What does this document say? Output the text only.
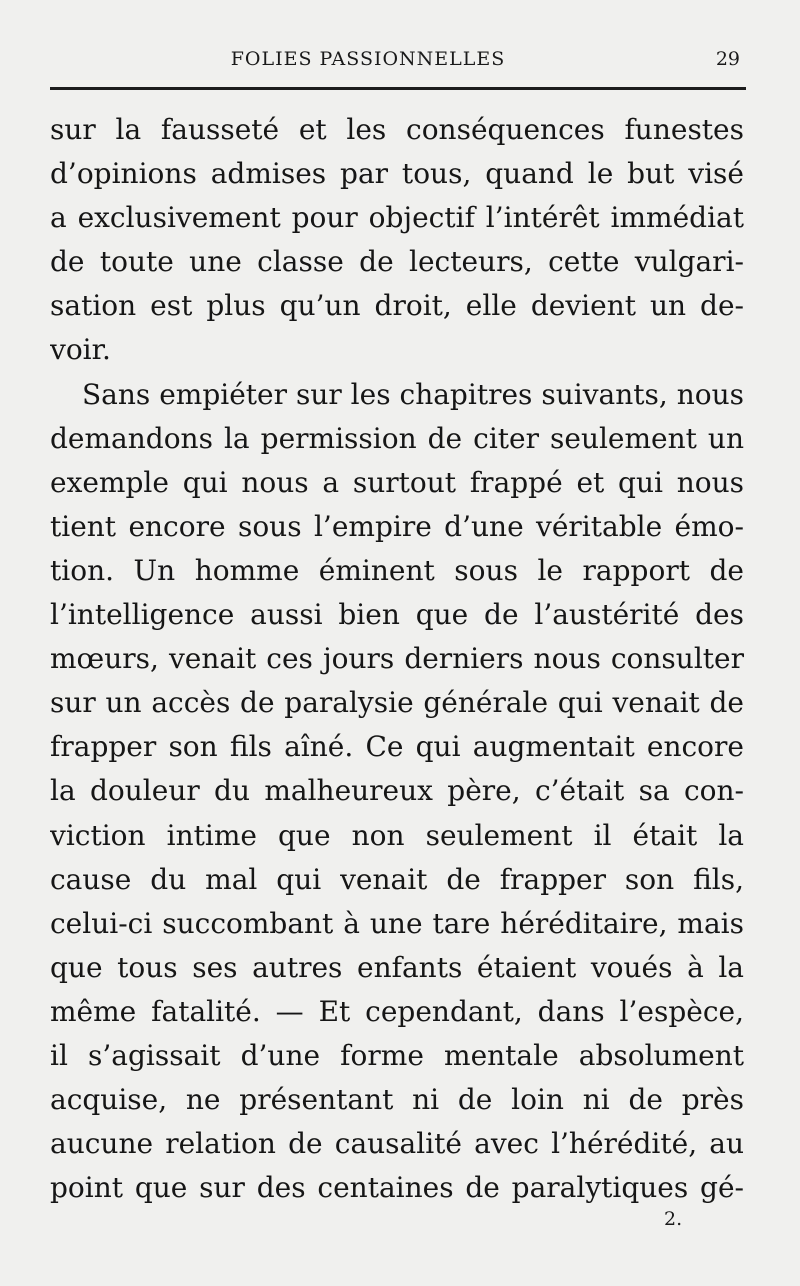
FOLIES PASSIONNELLES	29
sur la fausseté et les conséquences funestes
d’opinions admises par tous, quand le but visé
a exclusivement pour objectif l’intérêt immédiat
de toute une classe de lecteurs, cette vulgari-
sation est plus qu’un droit, elle devient un de-
voir.
Sans empiéter sur les chapitres suivants, nous
demandons la permission de citer seulement un
exemple qui nous a surtout frappé et qui nous
tient encore sous l’empire d’une véritable émo-
tion. Un homme éminent sous le rapport de
l’intelligence aussi bien que de l’austérité des
mœurs, venait ces jours derniers nous consulter
sur un accès de paralysie générale qui venait de
frapper son fils aîné. Ce qui augmentait encore
la douleur du malheureux père, c’était sa con-
viction intime que non seulement il était la
cause du mal qui venait de frapper son fils,
celui-ci succombant à une tare héréditaire, mais
que tous ses autres enfants étaient voués à la
même fatalité. — Et cependant, dans l’espèce,
il s’agissait d’une forme mentale absolument
acquise, ne présentant ni de loin ni de près
aucune relation de causalité avec l’hérédité, au
point que sur des centaines de paralytiques gé-
2.
